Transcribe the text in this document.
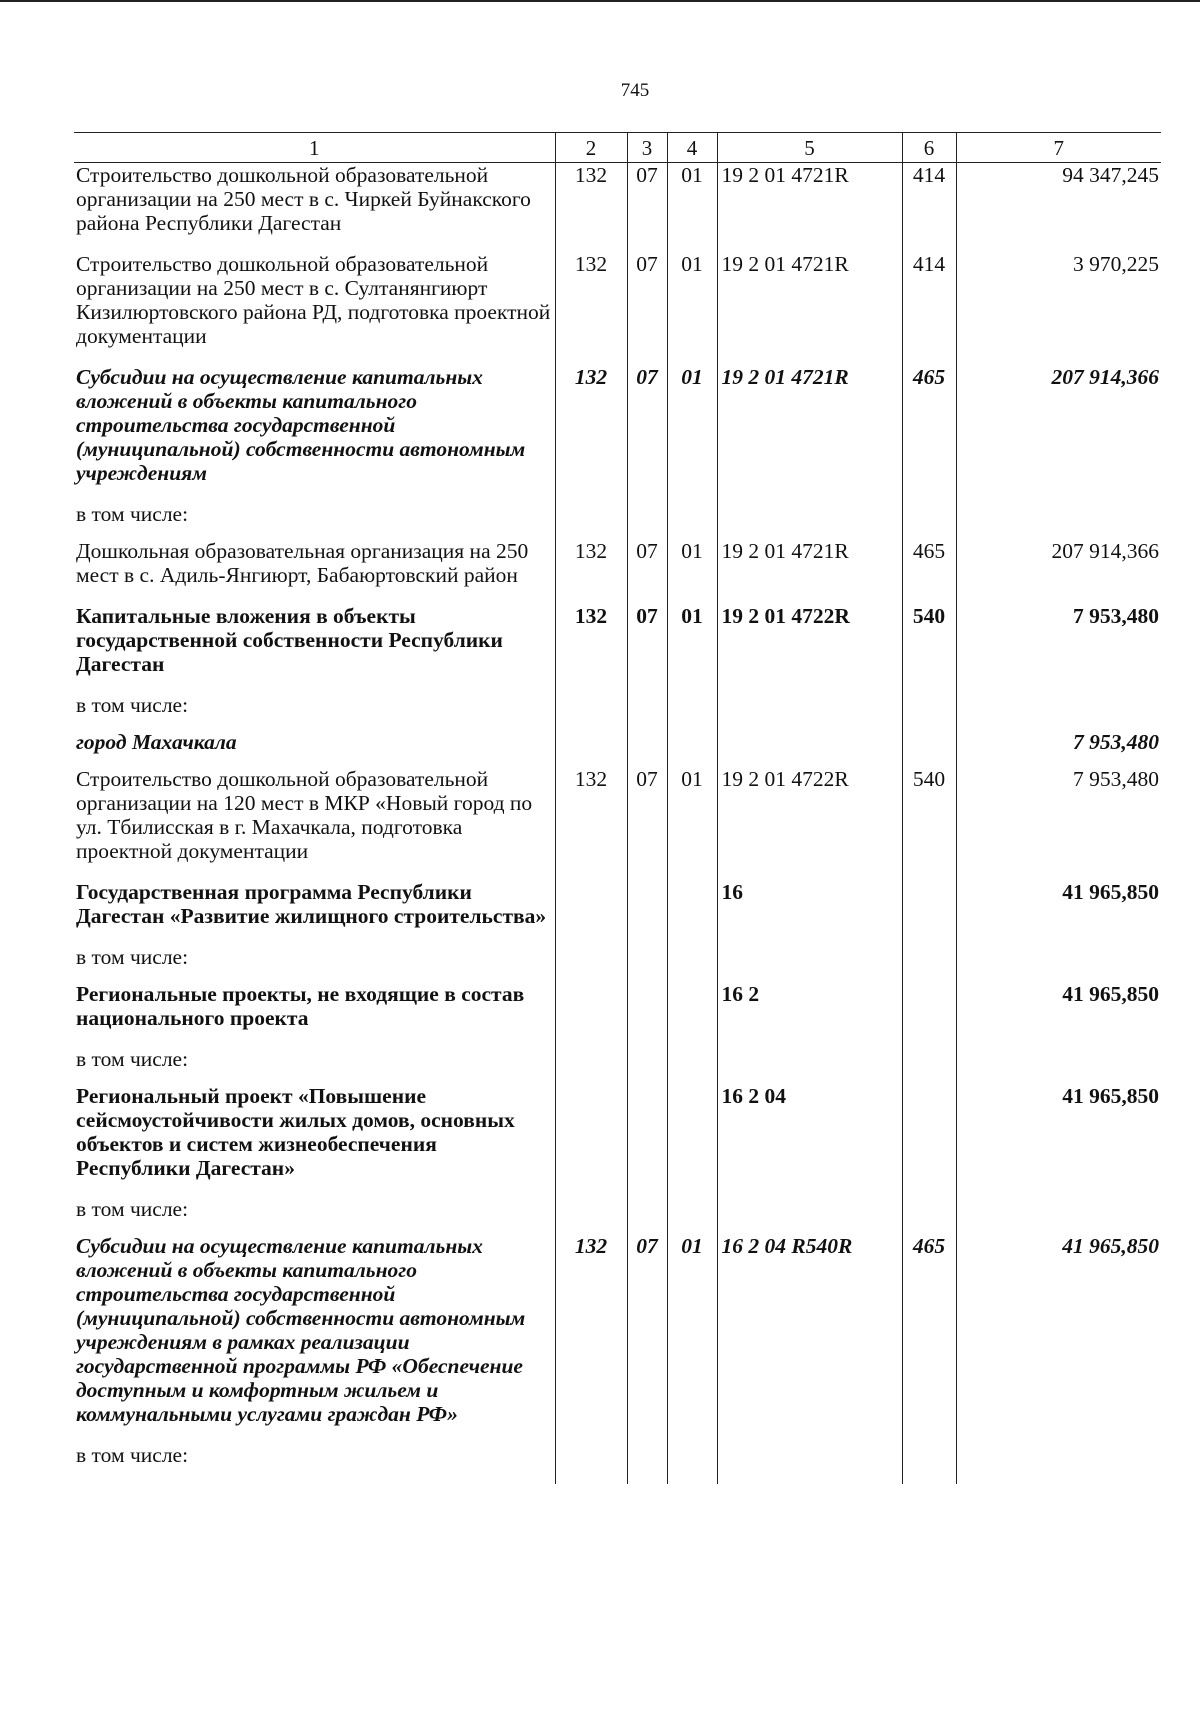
745
1	2	3	4	5	6	7
Строительство дошкольной образовательной организации на 250 мест в с. Чиркей Буйнакского района Республики Дагестан	132	07	01	19 2 01 4721R	414	94 347,245
Строительство дошкольной образовательной организации на 250 мест в с. Султанянгиюрт Кизилюртовского района РД, подготовка проектной документации	132	07	01	19 2 01 4721R	414	3 970,225
Субсидии на осуществление капитальных вложений в объекты капитального строительства государственной (муниципальной) собственности автономным учреждениям	132	07	01	19 2 01 4721R	465	207 914,366
в том числе:						
Дошкольная образовательная организация на 250 мест в с. Адиль-Янгиюрт, Бабаюртовский район	132	07	01	19 2 01 4721R	465	207 914,366
Капитальные вложения в объекты государственной собственности Республики Дагестан	132	07	01	19 2 01 4722R	540	7 953,480
в том числе:						
город Махачкала						7 953,480
Строительство дошкольной образовательной организации на 120 мест в МКР «Новый город по ул. Тбилисская в г. Махачкала, подготовка проектной документации	132	07	01	19 2 01 4722R	540	7 953,480
Государственная программа Республики Дагестан «Развитие жилищного строительства»				16		41 965,850
в том числе:						
Региональные проекты, не входящие в состав национального проекта				16 2		41 965,850
в том числе:						
Региональный проект «Повышение сейсмоустойчивости жилых домов, основных объектов и систем жизнеобеспечения Республики Дагестан»				16 2 04		41 965,850
в том числе:						
Субсидии на осуществление капитальных вложений в объекты капитального строительства государственной (муниципальной) собственности автономным учреждениям в рамках реализации государственной программы РФ «Обеспечение доступным и комфортным жильем и коммунальными услугами граждан РФ»	132	07	01	16 2 04 R540R	465	41 965,850
в том числе:						
